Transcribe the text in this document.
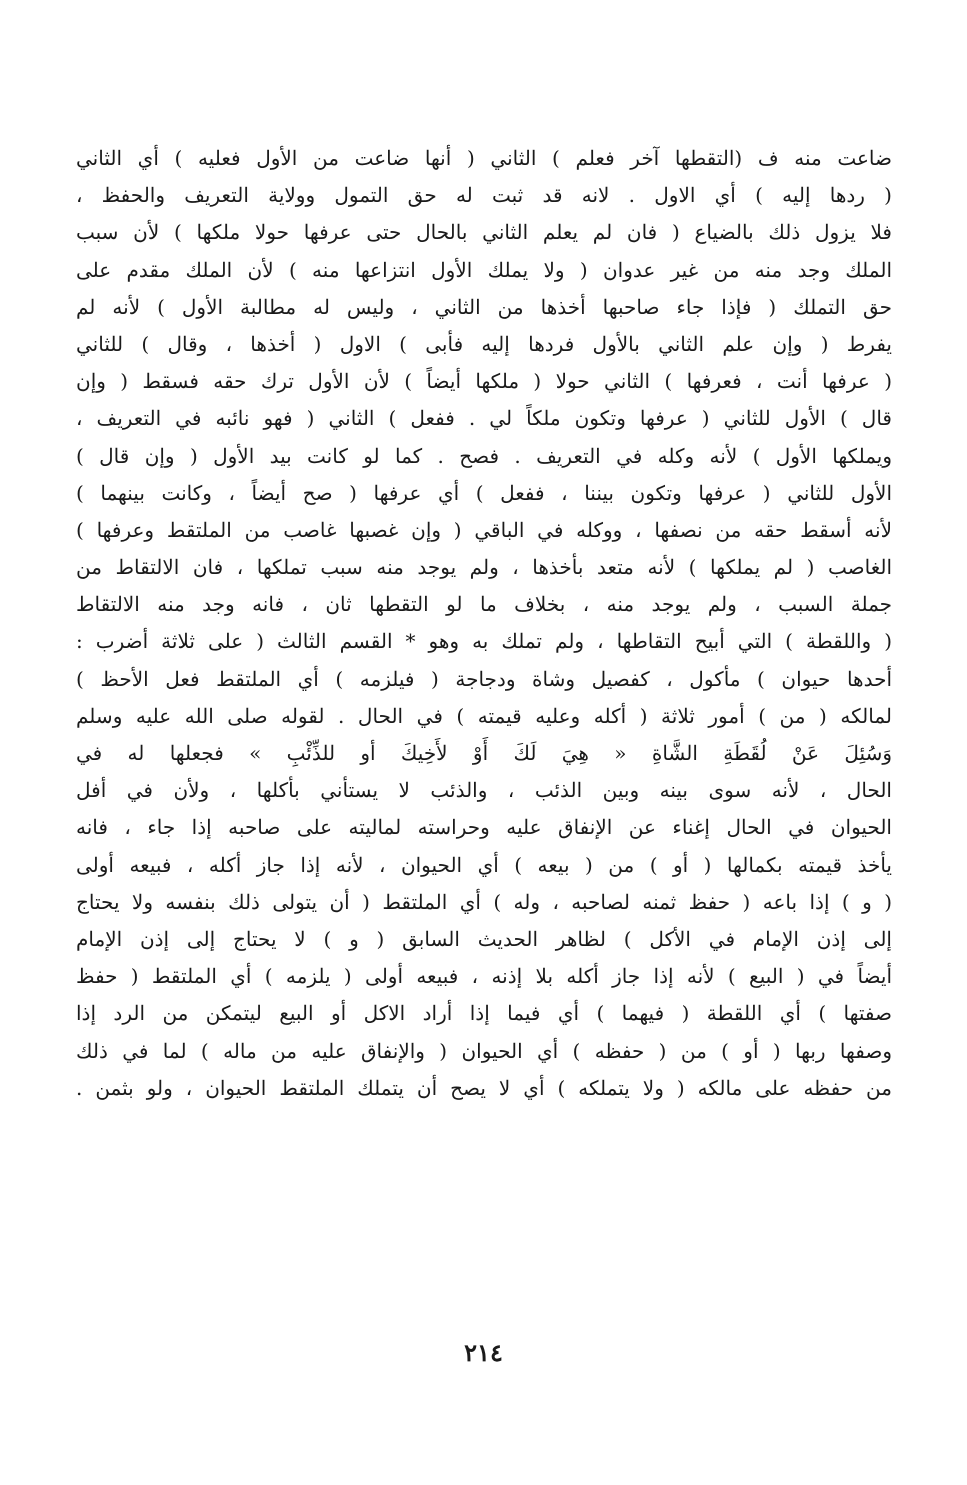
ضاعت منه ف (التقطها آخر فعلم ) الثاني ( أنها ضاعت من الأول فعليه ) أي الثاني
( ردها إليه ) أي الاول . لانه قد ثبت له حق التمول وولاية التعريف والحفظ ،
فلا يزول ذلك بالضياع ( فان لم يعلم الثاني بالحال حتى عرفها حولا ملكها ) لأن سبب
الملك وجد منه من غير عدوان ( ولا يملك الأول انتزاعها منه ) لأن الملك مقدم على
حق التملك ( فإذا جاء صاحبها أخذها من الثاني ، وليس له مطالبة الأول ) لأنه لم
يفرط ( وإن علم الثاني بالأول فردها إليه فأبى ) الاول ( أخذها ، وقال ) للثاني
( عرفها أنت ، فعرفها ) الثاني حولا ( ملكها أيضاً ) لأن الأول ترك حقه فسقط ( وإن
قال ) الأول للثاني ( عرفها وتكون ملكاً لي . ففعل ) الثاني ( فهو نائبه في التعريف ،
ويملكها الأول ) لأنه وكله في التعريف . فصح . كما لو كانت بيد الأول ( وإن قال )
الأول للثاني ( عرفها وتكون بيننا ، ففعل ) أي عرفها ( صح أيضاً ، وكانت بينهما )
لأنه أسقط حقه من نصفها ، ووكله في الباقي ( وإن غصبها غاصب من الملتقط وعرفها )
الغاصب ( لم يملكها ) لأنه متعد بأخذها ، ولم يوجد منه سبب تملكها ، فان الالتقاط من
جملة السبب ، ولم يوجد منه ، بخلاف ما لو التقطها ثان ، فانه وجد منه الالتقاط
( واللقطة ) التي أبيح التقاطها ، ولم تملك به وهو * القسم الثالث ( على ثلاثة أضرب :
أحدها حيوان ) مأكول ، كفصيل وشاة ودجاجة ( فيلزمه ) أي الملتقط فعل الأحظ )
لمالكه ( من ) أمور ثلاثة ( أكله وعليه قيمته ) في الحال . لقوله صلى الله عليه وسلم
وَسُئِلَ عَنْ لُقَطَةِ الشَّاةِ « هِيَ لَكَ أَوْ لأَخِيكَ أو للذِّئْبِ » فجعلها له في
الحال ، لأنه سوى بينه وبين الذئب ، والذئب لا يستأني بأكلها ، ولأن في أفل
الحيوان في الحال إغناء عن الإنفاق عليه وحراسته لماليته على صاحبه إذا جاء ، فانه
يأخذ قيمته بكمالها ( أو ) من ( بيعه ) أي الحيوان ، لأنه إذا جاز أكله ، فبيعه أولى
( و ) إذا باعه ( حفظ ثمنه لصاحبه ، وله ) أي الملتقط ( أن يتولى ذلك بنفسه ولا يحتاج
إلى إذن الإمام في الأكل ) لظاهر الحديث السابق ( و ) لا يحتاج إلى إذن الإمام
أيضاً في ( البيع ) لأنه إذا جاز أكله بلا إذنه ، فبيعه أولى ( يلزمه ) أي الملتقط ( حفظ
صفتها ) أي اللقطة ( فيهما ) أي فيما إذا أراد الاكل أو البيع ليتمكن من الرد إذا
وصفها ربها ( أو ) من ( حفظه ) أي الحيوان ( والإنفاق عليه من ماله ) لما في ذلك
من حفظه على مالكه ( ولا يتملكه ) أي لا يصح أن يتملك الملتقط الحيوان ، ولو بثمن .
٢١٤
